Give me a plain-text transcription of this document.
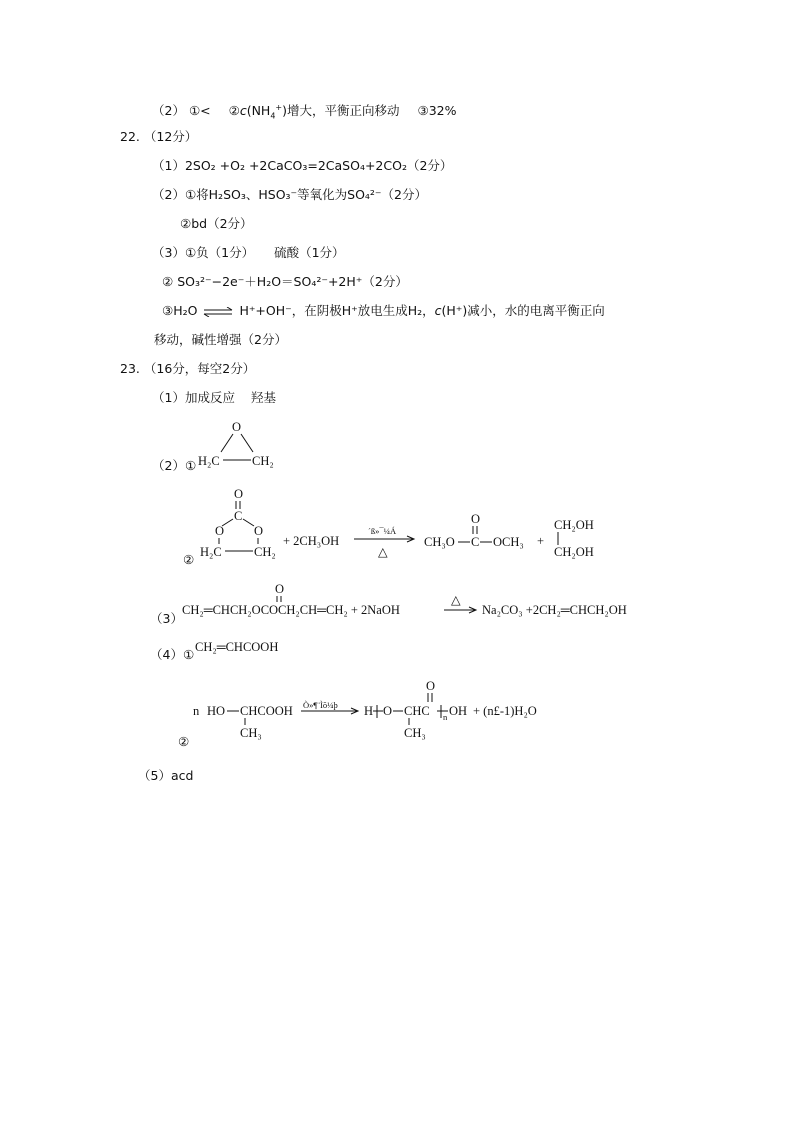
（2） ①< $②c(NH_4^+)$增大，平衡正向移动 ③32%
22. （12分）
（1）2SO₂ +O₂ +2CaCO₃=2CaSO₄+2CO₂（2分）
（2）①将H₂SO₃、HSO₃⁻等氧化为SO₄²⁻（2分）
②bd（2分）
（3）①负（1分） 硫酸（1分）
② SO₃²⁻−2e⁻＋H₂O＝SO₄²⁻+2H⁺（2分）
③H₂O ⇌ H⁺+OH⁻，在阴极H⁺放电生成H₂，c(H⁺)减小，水的电离平衡正向
移动，碱性增强（2分）
23. （16分，每空2分）
（1）加成反应 羟基
（2）①
O
H₂C	CH₂
②
O
C
O O
H₂C	CH₂
+ 2CH₃OH
´ß»¯¼Á
△
O
CH₃O C OCH₃ +
CH₂OH
CH₂OH
（3）
O
CH₂═CHCH₂OCOCH₂CH═CH₂ + 2NaOH
△
Na₂CO₃ +2CH₂═CHCH₂OH
（4）① CH₂═CHCOOH
②
n HO CHCOOH
CH₃
Ò»¶¨Ìõ¼þ H O CHC
O
n OH
CH₃
+ (n£-1)H₂O
（5）acd
